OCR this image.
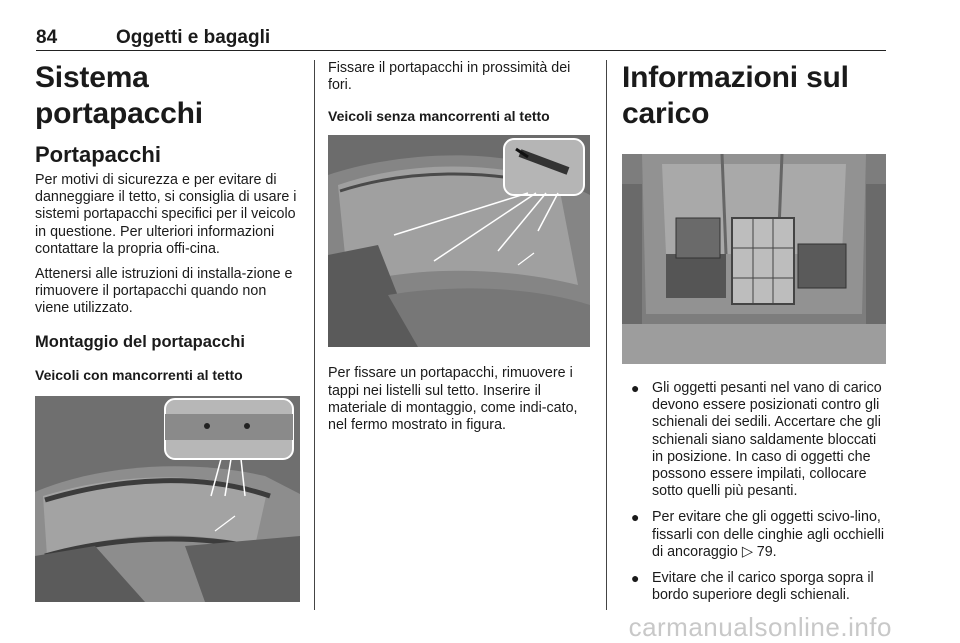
84	Oggetti e bagagli
Sistema portapacchi
Portapacchi

Per motivi di sicurezza e per evitare di danneggiare il tetto, si consiglia di usare i sistemi portapacchi specifici per il veicolo in questione. Per ulteriori informazioni contattare la propria offi-cina.

Attenersi alle istruzioni di installa-zione e rimuovere il portapacchi quando non viene utilizzato.

Montaggio del portapacchi
Veicoli con mancorrenti al tetto

Fissare il portapacchi in prossimità dei fori.

Veicoli senza mancorrenti al tetto

Per fissare un portapacchi, rimuovere i tappi nei listelli sul tetto. Inserire il materiale di montaggio, come indi-cato, nel fermo mostrato in figura.

Informazioni sul carico
● Gli oggetti pesanti nel vano di carico devono essere posizionati contro gli schienali dei sedili. Accertare che gli schienali siano saldamente bloccati in posizione. In caso di oggetti che possono essere impilati, collocare sotto quelli più pesanti.
● Per evitare che gli oggetti scivo-lino, fissarli con delle cinghie agli occhielli di ancoraggio ▷ 79.
● Evitare che il carico sporga sopra il bordo superiore degli schienali.
carmanualsonline.info
